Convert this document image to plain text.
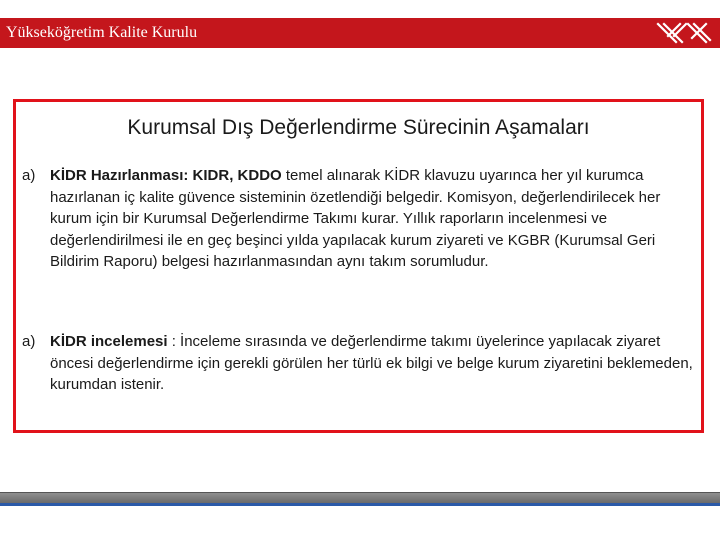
Yükseköğretim Kalite Kurulu
Kurumsal Dış Değerlendirme Sürecinin Aşamaları
a) KİDR Hazırlanması: KIDR, KDDO temel alınarak KİDR klavuzu uyarınca her yıl kurumca hazırlanan iç kalite güvence sisteminin özetlendiği belgedir. Komisyon, değerlendirilecek her kurum için bir Kurumsal Değerlendirme Takımı kurar. Yıllık raporların incelenmesi ve değerlendirilmesi ile en geç beşinci yılda yapılacak kurum ziyareti ve KGBR (Kurumsal Geri Bildirim Raporu) belgesi hazırlanmasından aynı takım sorumludur.
a) KİDR incelemesi : İnceleme sırasında ve değerlendirme takımı üyelerince yapılacak ziyaret öncesi değerlendirme için gerekli görülen her türlü ek bilgi ve belge kurum ziyaretini beklemeden, kurumdan istenir.
